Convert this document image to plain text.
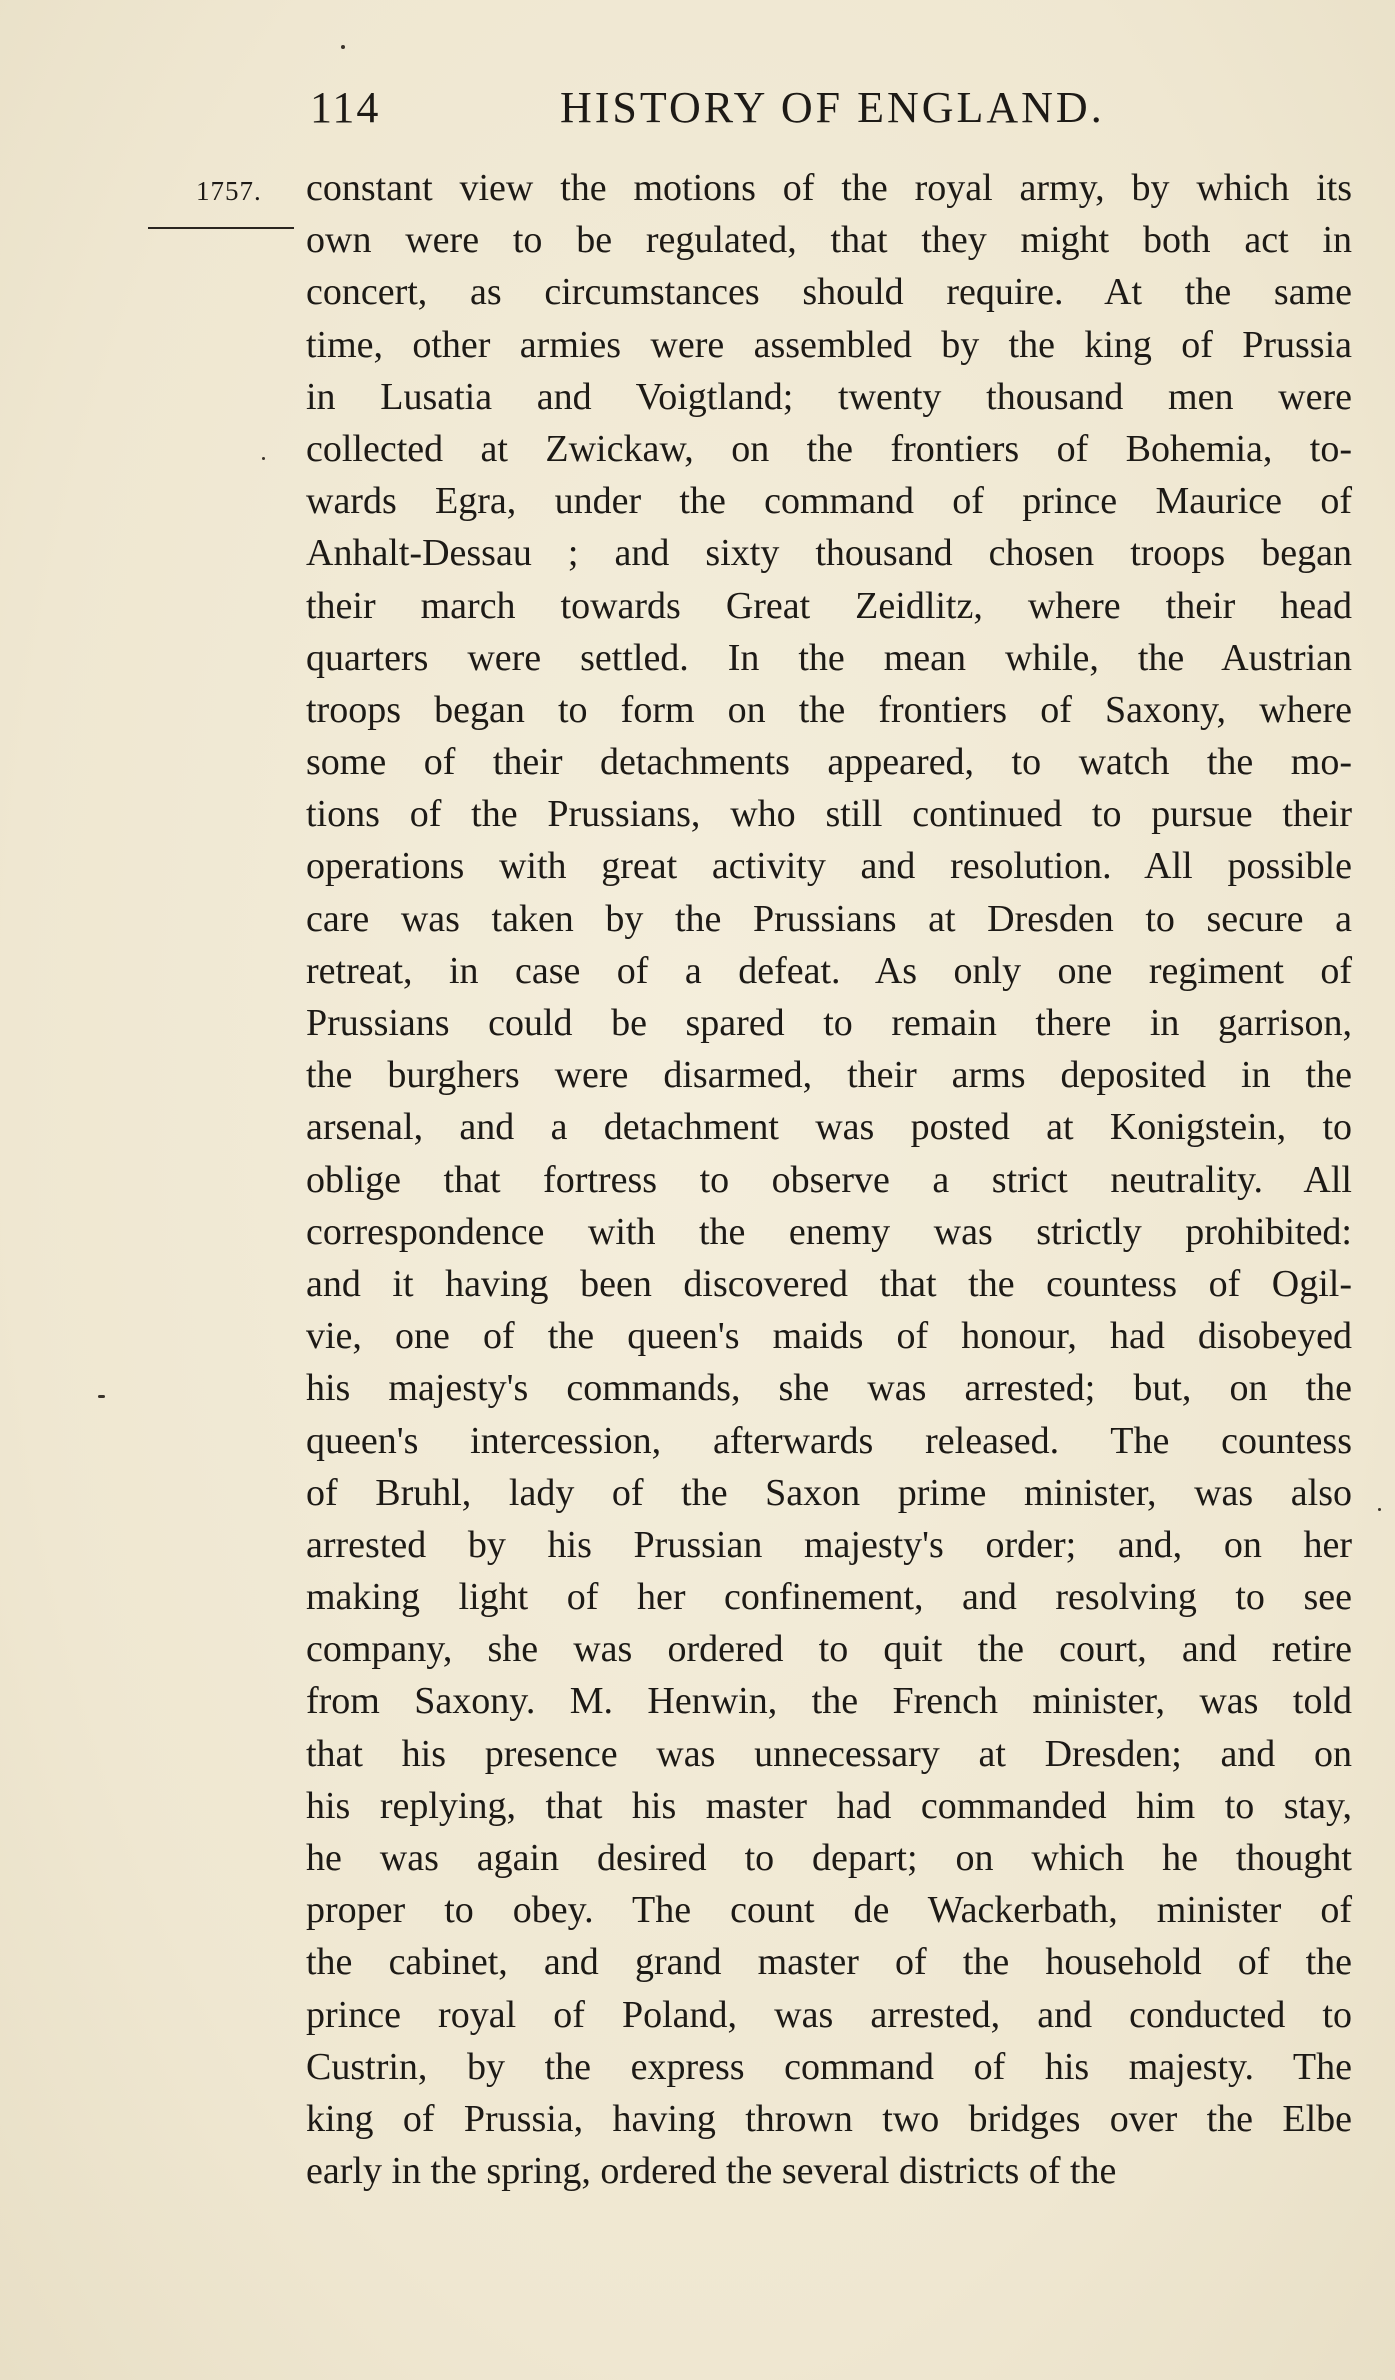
114	HISTORY OF ENGLAND.
1757. constant view the motions of the royal army, by which its
own were to be regulated, that they might both act in
concert, as circumstances should require. At the same
time, other armies were assembled by the king of Prussia
in Lusatia and Voigtland; twenty thousand men were
collected at Zwickaw, on the frontiers of Bohemia, to-
wards Egra, under the command of prince Maurice of
Anhalt-Dessau ; and sixty thousand chosen troops began
their march towards Great Zeidlitz, where their head
quarters were settled. In the mean while, the Austrian
troops began to form on the frontiers of Saxony, where
some of their detachments appeared, to watch the mo-
tions of the Prussians, who still continued to pursue their
operations with great activity and resolution. All possible
care was taken by the Prussians at Dresden to secure a
retreat, in case of a defeat. As only one regiment of
Prussians could be spared to remain there in garrison,
the burghers were disarmed, their arms deposited in the
arsenal, and a detachment was posted at Konigstein, to
oblige that fortress to observe a strict neutrality. All
correspondence with the enemy was strictly prohibited:
and it having been discovered that the countess of Ogil-
vie, one of the queen's maids of honour, had disobeyed
his majesty's commands, she was arrested; but, on the
queen's intercession, afterwards released. The countess
of Bruhl, lady of the Saxon prime minister, was also
arrested by his Prussian majesty's order; and, on her
making light of her confinement, and resolving to see
company, she was ordered to quit the court, and retire
from Saxony. M. Henwin, the French minister, was told
that his presence was unnecessary at Dresden; and on
his replying, that his master had commanded him to stay,
he was again desired to depart; on which he thought
proper to obey. The count de Wackerbath, minister of
the cabinet, and grand master of the household of the
prince royal of Poland, was arrested, and conducted to
Custrin, by the express command of his majesty. The
king of Prussia, having thrown two bridges over the Elbe
early in the spring, ordered the several districts of the
